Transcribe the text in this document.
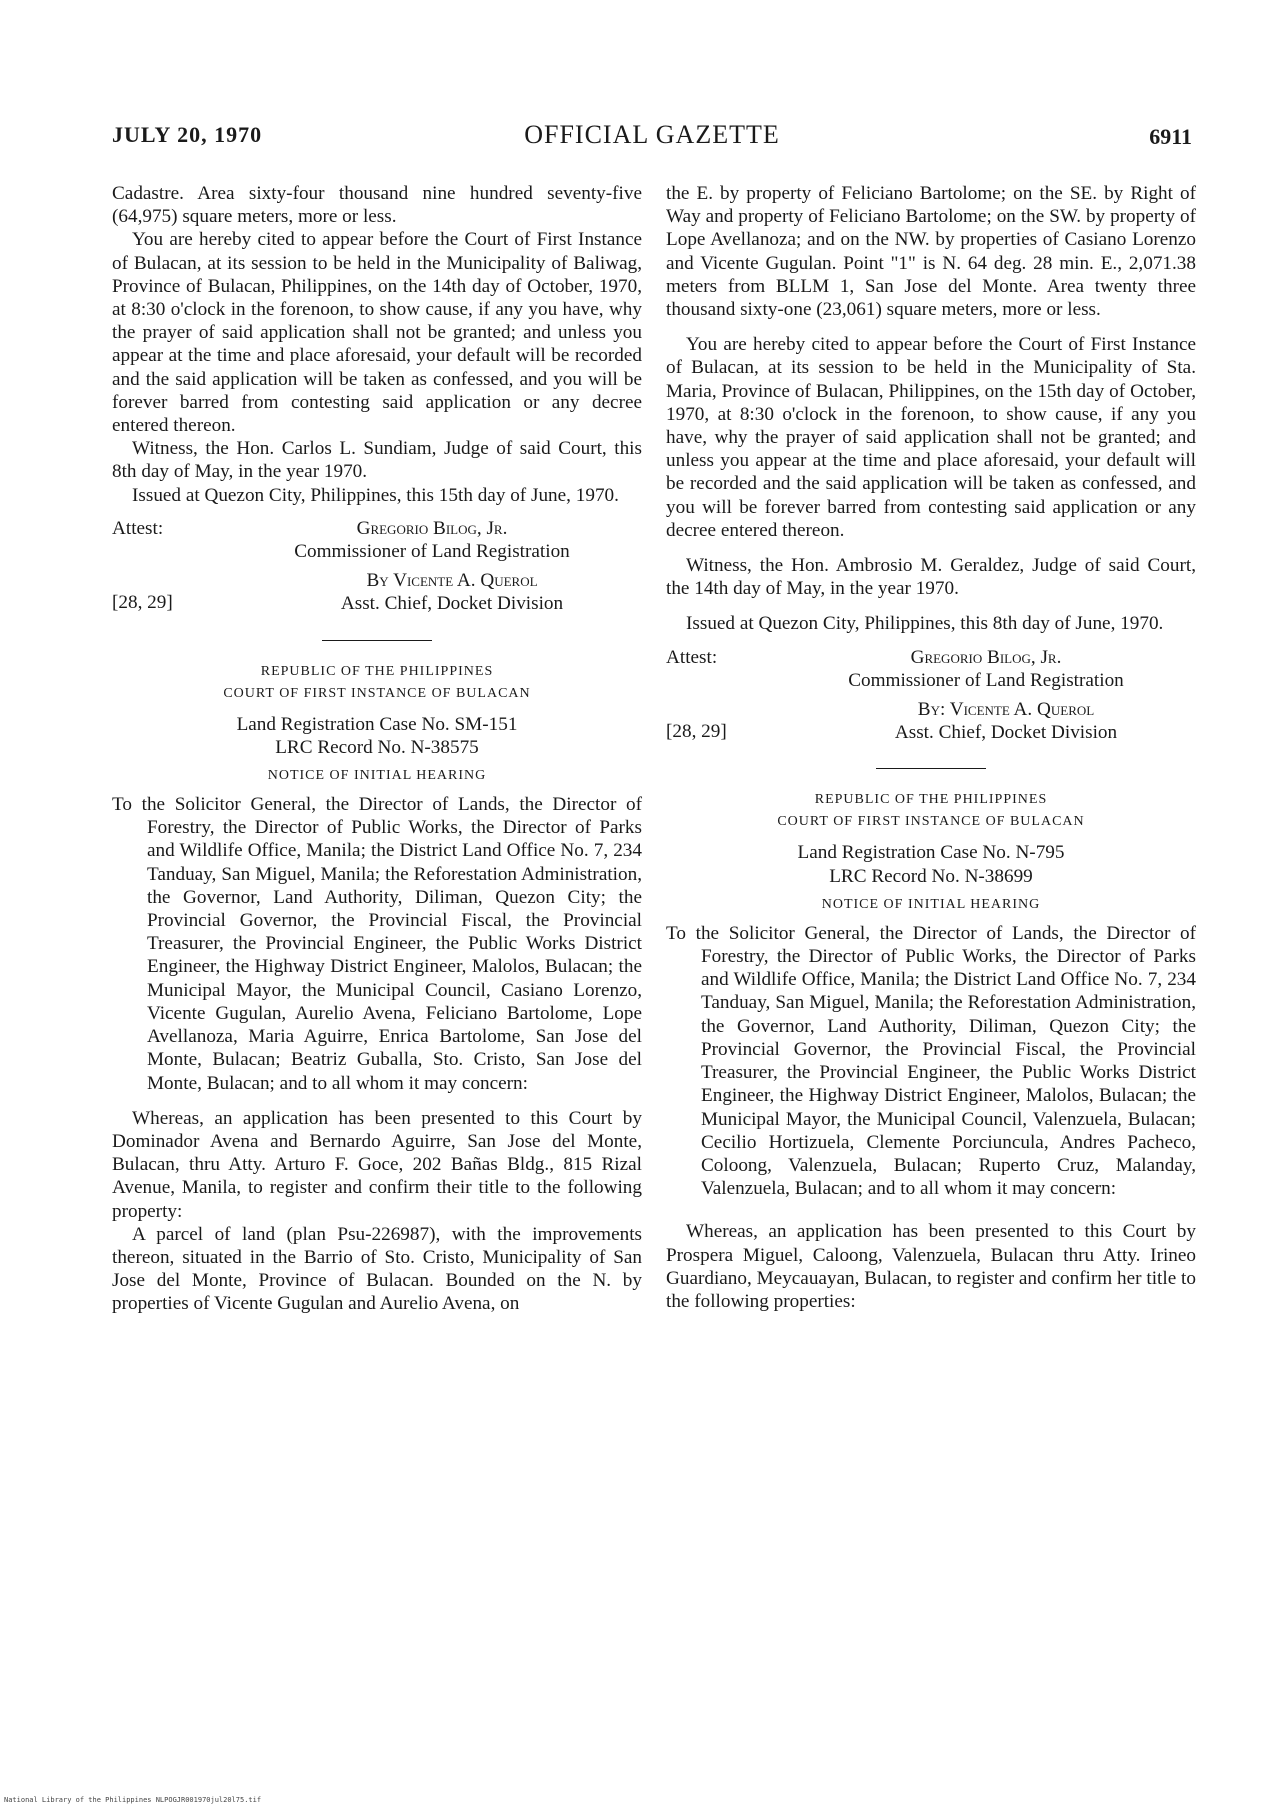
JULY 20, 1970	OFFICIAL GAZETTE	6911

Cadastre. Area sixty-four thousand nine hundred seventy-five (64,975) square meters, more or less.

You are hereby cited to appear before the Court of First Instance of Bulacan, at its session to be held in the Municipality of Baliwag, Province of Bulacan, Philippines, on the 14th day of October, 1970, at 8:30 o'clock in the forenoon, to show cause, if any you have, why the prayer of said application shall not be granted; and unless you appear at the time and place aforesaid, your default will be recorded and the said application will be taken as confessed, and you will be forever barred from contesting said application or any decree entered thereon.

Witness, the Hon. Carlos L. Sundiam, Judge of said Court, this 8th day of May, in the year 1970.

Issued at Quezon City, Philippines, this 15th day of June, 1970.

Attest:	Gregorio Bilog, Jr.
Commissioner of Land Registration
[28, 29]
By Vicente A. Querol
Asst. Chief, Docket Division
REPUBLIC OF THE PHILIPPINES
COURT OF FIRST INSTANCE OF BULACAN
Land Registration Case No. SM-151
LRC Record No. N-38575
NOTICE OF INITIAL HEARING

To the Solicitor General, the Director of Lands, the Director of Forestry, the Director of Public Works, the Director of Parks and Wildlife Office, Manila; the District Land Office No. 7, 234 Tanduay, San Miguel, Manila; the Reforestation Administration, the Governor, Land Authority, Diliman, Quezon City; the Provincial Governor, the Provincial Fiscal, the Provincial Treasurer, the Provincial Engineer, the Public Works District Engineer, the Highway District Engineer, Malolos, Bulacan; the Municipal Mayor, the Municipal Council, Casiano Lorenzo, Vicente Gugulan, Aurelio Avena, Feliciano Bartolome, Lope Avellanoza, Maria Aguirre, Enrica Bartolome, San Jose del Monte, Bulacan; Beatriz Guballa, Sto. Cristo, San Jose del Monte, Bulacan; and to all whom it may concern:

Whereas, an application has been presented to this Court by Dominador Avena and Bernardo Aguirre, San Jose del Monte, Bulacan, thru Atty. Arturo F. Goce, 202 Bañas Bldg., 815 Rizal Avenue, Manila, to register and confirm their title to the following property:

A parcel of land (plan Psu-226987), with the improvements thereon, situated in the Barrio of Sto. Cristo, Municipality of San Jose del Monte, Province of Bulacan. Bounded on the N. by properties of Vicente Gugulan and Aurelio Avena, on

the E. by property of Feliciano Bartolome; on the SE. by Right of Way and property of Feliciano Bartolome; on the SW. by property of Lope Avellanoza; and on the NW. by properties of Casiano Lorenzo and Vicente Gugulan. Point "1" is N. 64 deg. 28 min. E., 2,071.38 meters from BLLM 1, San Jose del Monte. Area twenty three thousand sixty-one (23,061) square meters, more or less.

You are hereby cited to appear before the Court of First Instance of Bulacan, at its session to be held in the Municipality of Sta. Maria, Province of Bulacan, Philippines, on the 15th day of October, 1970, at 8:30 o'clock in the forenoon, to show cause, if any you have, why the prayer of said application shall not be granted; and unless you appear at the time and place aforesaid, your default will be recorded and the said application will be taken as confessed, and you will be forever barred from contesting said application or any decree entered thereon.

Witness, the Hon. Ambrosio M. Geraldez, Judge of said Court, the 14th day of May, in the year 1970.

Issued at Quezon City, Philippines, this 8th day of June, 1970.

Attest:	Gregorio Bilog, Jr.
Commissioner of Land Registration
[28, 29]
By: Vicente A. Querol
Asst. Chief, Docket Division
REPUBLIC OF THE PHILIPPINES
COURT OF FIRST INSTANCE OF BULACAN
Land Registration Case No. N-795
LRC Record No. N-38699
NOTICE OF INITIAL HEARING

To the Solicitor General, the Director of Lands, the Director of Forestry, the Director of Public Works, the Director of Parks and Wildlife Office, Manila; the District Land Office No. 7, 234 Tanduay, San Miguel, Manila; the Reforestation Administration, the Governor, Land Authority, Diliman, Quezon City; the Provincial Governor, the Provincial Fiscal, the Provincial Treasurer, the Provincial Engineer, the Public Works District Engineer, the Highway District Engineer, Malolos, Bulacan; the Municipal Mayor, the Municipal Council, Valenzuela, Bulacan; Cecilio Hortizuela, Clemente Porciuncula, Andres Pacheco, Coloong, Valenzuela, Bulacan; Ruperto Cruz, Malanday, Valenzuela, Bulacan; and to all whom it may concern:

Whereas, an application has been presented to this Court by Prospera Miguel, Caloong, Valenzuela, Bulacan thru Atty. Irineo Guardiano, Meycauayan, Bulacan, to register and confirm her title to the following properties:

National Library of the Philippines NLPOGJR001970jul20l75.tif
